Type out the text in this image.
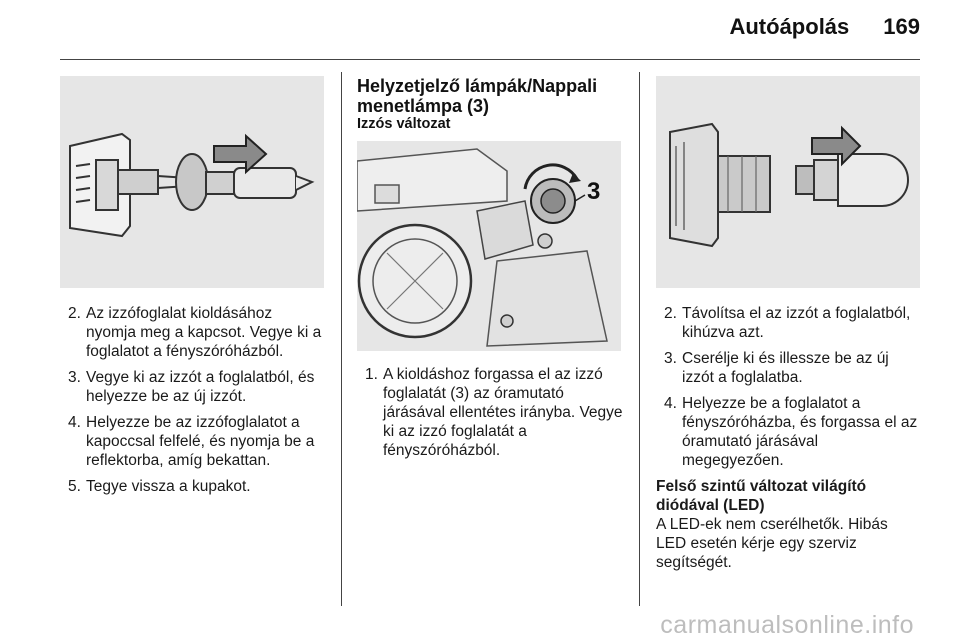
Autóápolás 169
2. Az izzófoglalat kioldásához nyomja meg a kapcsot. Vegye ki a foglalatot a fényszóróházból.
3. Vegye ki az izzót a foglalatból, és helyezze be az új izzót.
4. Helyezze be az izzófoglalatot a kapoccsal felfelé, és nyomja be a reflektorba, amíg bekattan.
5. Tegye vissza a kupakot.

Helyzetjelző lámpák/Nappali menetlámpa (3)

Izzós változat

3
1. A kioldáshoz forgassa el az izzó foglalatát (3) az óramutató járásával ellentétes irányba. Vegye ki az izzó foglalatát a fényszóróházból.
2. Távolítsa el az izzót a foglalatból, kihúzva azt.
3. Cserélje ki és illessze be az új izzót a foglalatba.
4. Helyezze be a foglalatot a fényszóróházba, és forgassa el az óramutató járásával megegyezően.

Felső szintű változat világító diódával (LED)

A LED-ek nem cserélhetők. Hibás LED esetén kérje egy szerviz segítségét.

carmanualsonline.info
